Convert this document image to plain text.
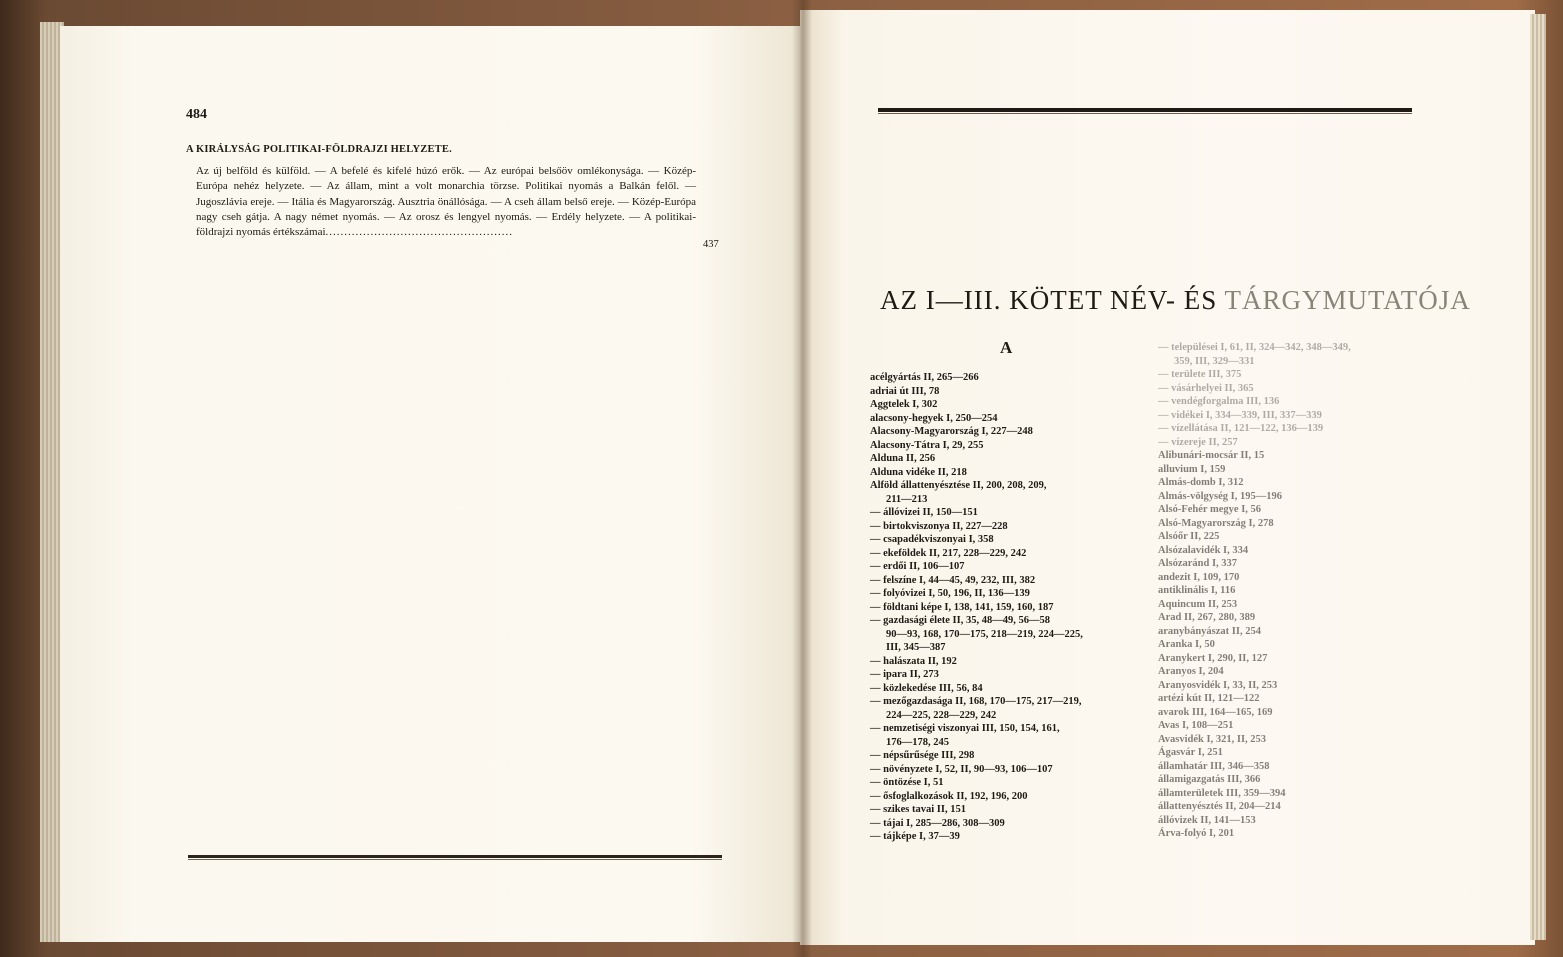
484
A KIRÁLYSÁG POLITIKAI-FÖLDRAJZI HELYZETE.
Az új belföld és külföld. — A befelé és kifelé húzó erők. — Az európai belsőöv omlékonysága. — Közép-Európa nehéz helyzete. — Az állam, mint a volt monarchia törzse. Politikai nyomás a Balkán felől. — Jugoszlávia ereje. — Itália és Magyarország. Ausztria önállósága. — A cseh állam belső ereje. — Közép-Európa nagy cseh gátja. A nagy német nyomás. — Az orosz és lengyel nyomás. — Erdély helyzete. — A politikai-földrajzi nyomás értékszámai..................................................
437
AZ I—III. KÖTET NÉV- ÉS TÁRGYMUTATÓJA
A
acélgyártás II, 265—266
adriai út III, 78
Aggtelek I, 302
alacsony-hegyek I, 250—254
Alacsony-Magyarország I, 227—248
Alacsony-Tátra I, 29, 255
Alduna II, 256
Alduna vidéke II, 218
Alföld állattenyésztése II, 200, 208, 209,
211—213
— állóvizei II, 150—151
— birtokviszonya II, 227—228
— csapadékviszonyai I, 358
— ekeföldek II, 217, 228—229, 242
— erdői II, 106—107
— felszíne I, 44—45, 49, 232, III, 382
— folyóvizei I, 50, 196, II, 136—139
— földtani képe I, 138, 141, 159, 160, 187
— gazdasági élete II, 35, 48—49, 56—58
90—93, 168, 170—175, 218—219, 224—225,
III, 345—387
— halászata II, 192
— ipara II, 273
— közlekedése III, 56, 84
— mezőgazdasága II, 168, 170—175, 217—219,
224—225, 228—229, 242
— nemzetiségi viszonyai III, 150, 154, 161,
176—178, 245
— népsűrűsége III, 298
— növényzete I, 52, II, 90—93, 106—107
— öntözése I, 51
— ősfoglalkozások II, 192, 196, 200
— szikes tavai II, 151
— tájai I, 285—286, 308—309
— tájképe I, 37—39
— települései I, 61, II, 324—342, 348—349,
359, III, 329—331
— területe III, 375
— vásárhelyei II, 365
— vendégforgalma III, 136
— vidékei I, 334—339, III, 337—339
— vízellátása II, 121—122, 136—139
— vízereje II, 257
Alibunári-mocsár II, 15
alluvium I, 159
Almás-domb I, 312
Almás-völgység I, 195—196
Alsó-Fehér megye I, 56
Alsó-Magyarország I, 278
Alsóőr II, 225
Alsózalavidék I, 334
Alsózaránd I, 337
andezit I, 109, 170
antiklinális I, 116
Aquincum II, 253
Arad II, 267, 280, 389
aranybányászat II, 254
Aranka I, 50
Aranykert I, 290, II, 127
Aranyos I, 204
Aranyosvidék I, 33, II, 253
artézi kút II, 121—122
avarok III, 164—165, 169
Avas I, 108—251
Avasvidék I, 321, II, 253
Ágasvár I, 251
államhatár III, 346—358
államigazgatás III, 366
államterületek III, 359—394
állattenyésztés II, 204—214
állóvizek II, 141—153
Árva-folyó I, 201
